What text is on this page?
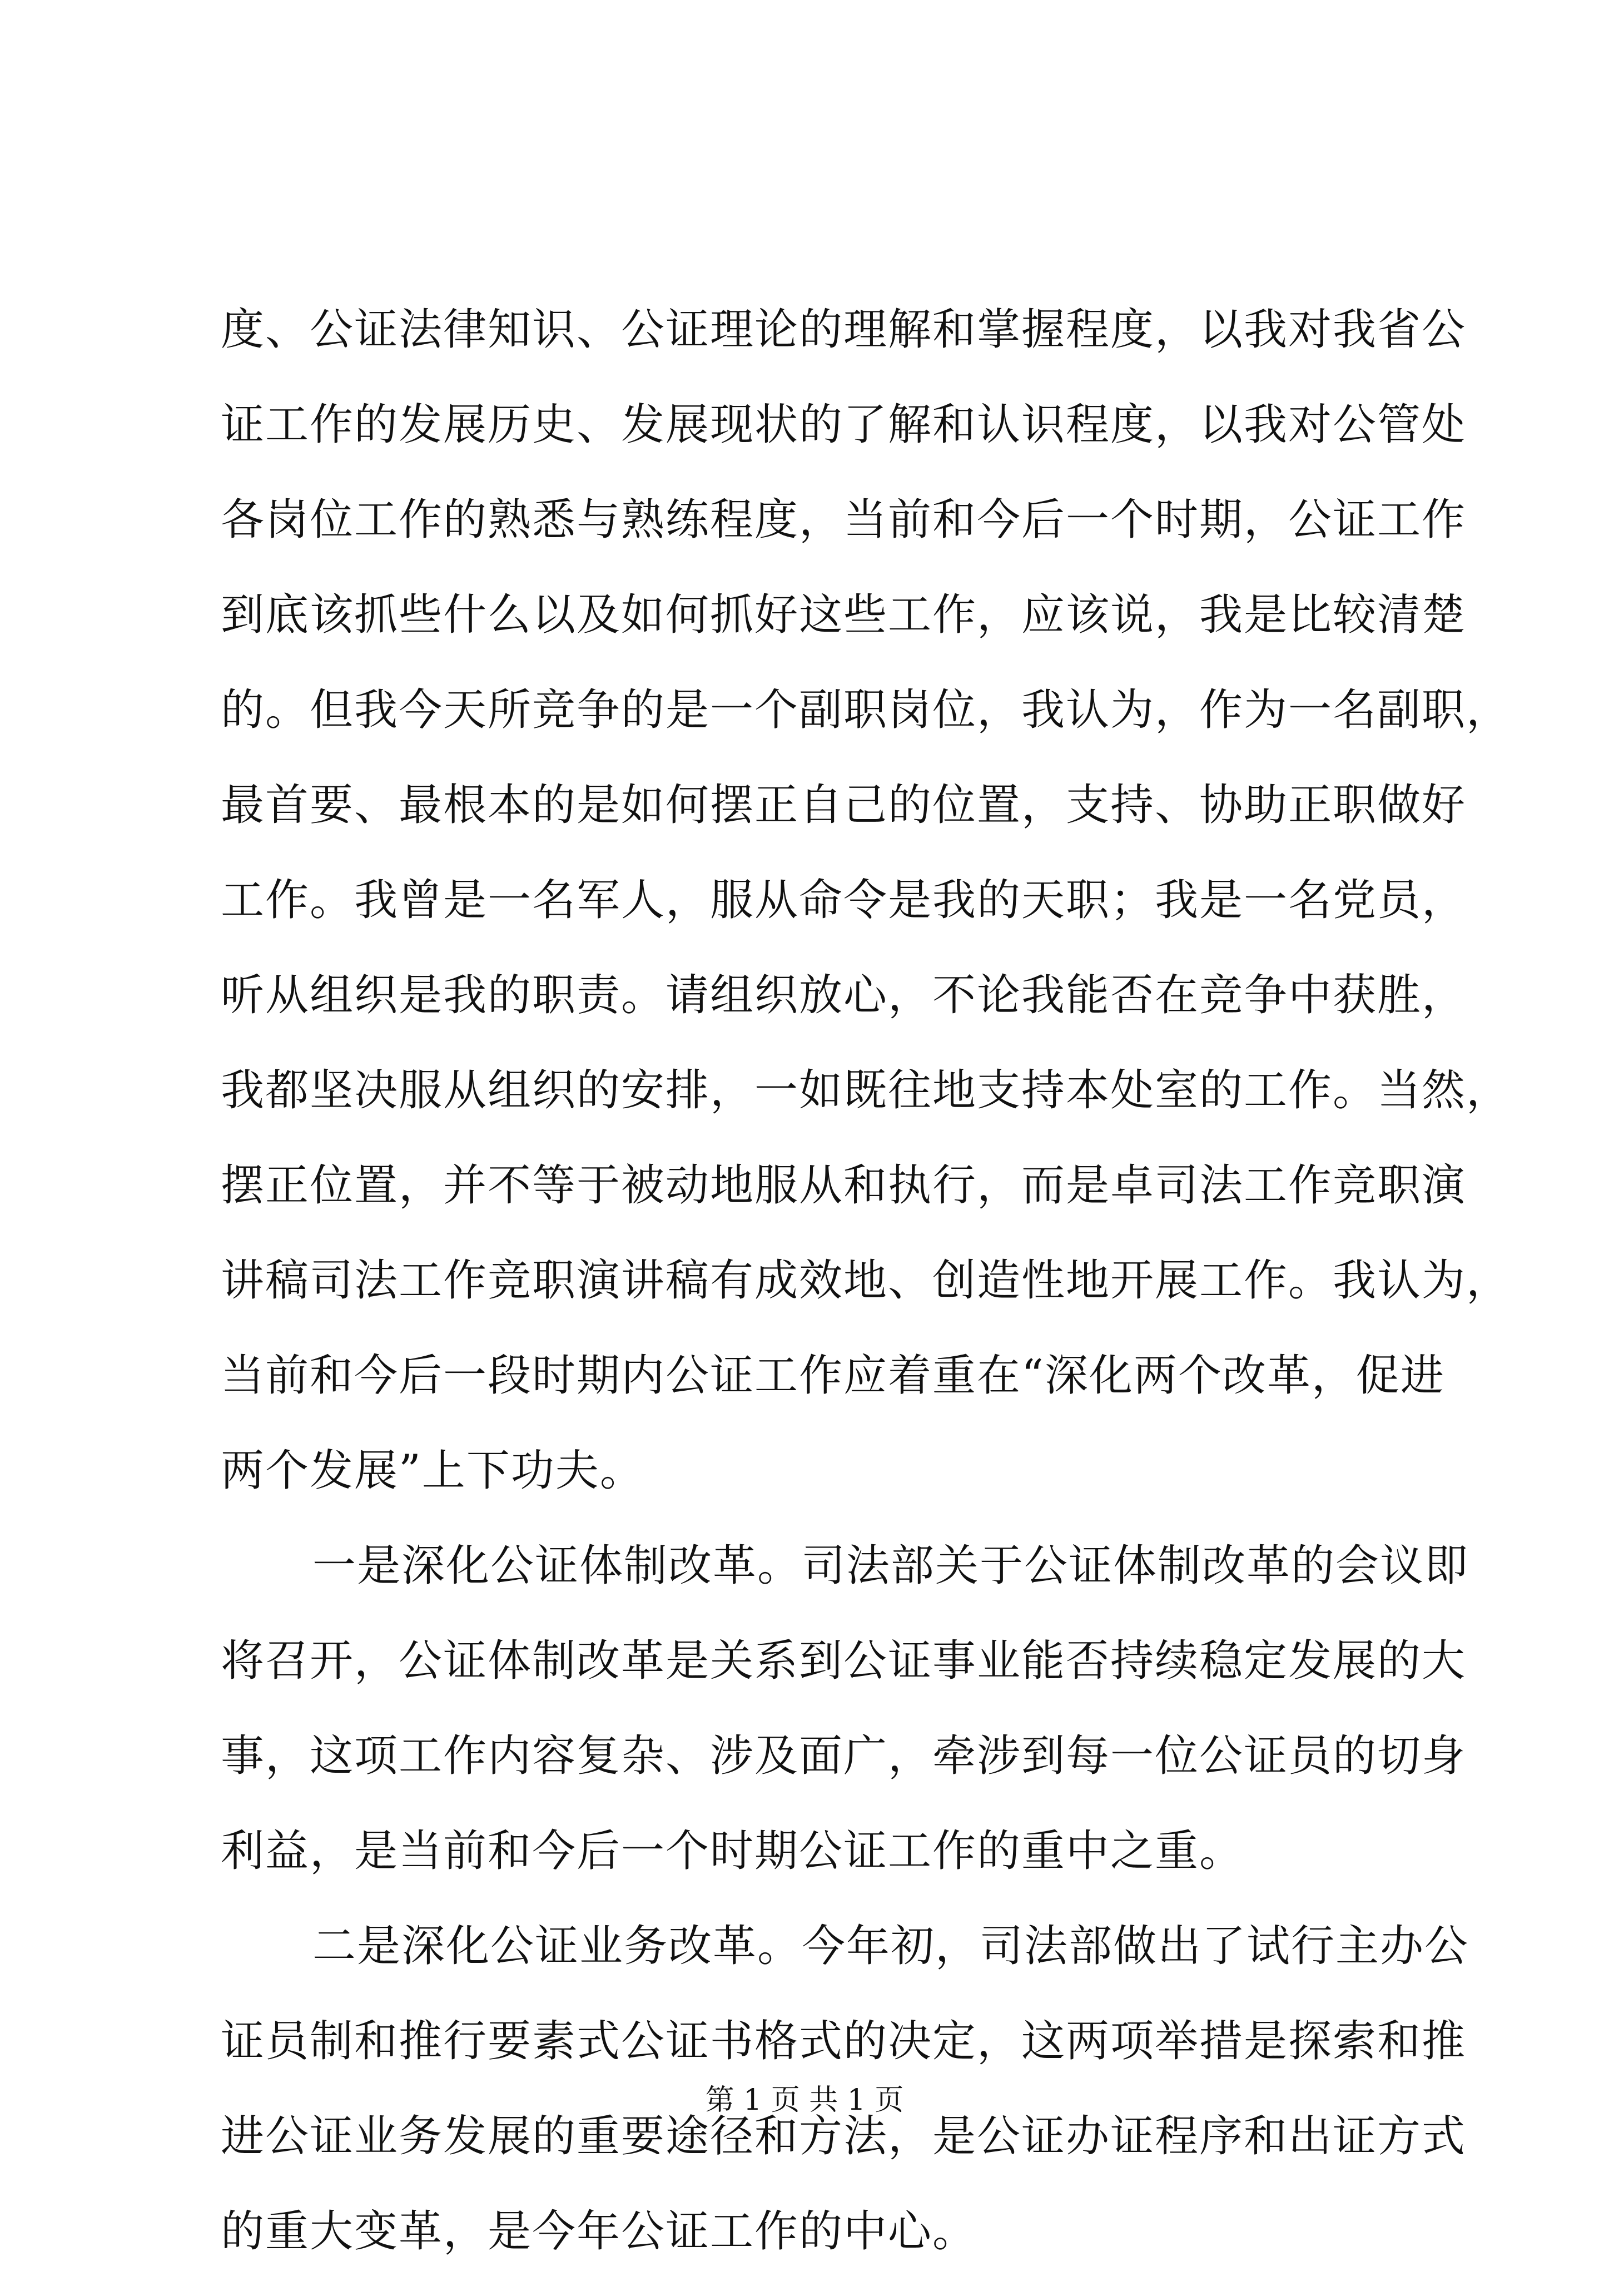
度、公证法律知识、公证理论的理解和掌握程度，以我对我省公
证工作的发展历史、发展现状的了解和认识程度，以我对公管处
各岗位工作的熟悉与熟练程度，当前和今后一个时期，公证工作
到底该抓些什么以及如何抓好这些工作，应该说，我是比较清楚
的。但我今天所竞争的是一个副职岗位，我认为，作为一名副职，
最首要、最根本的是如何摆正自己的位置，支持、协助正职做好
工作。我曾是一名军人，服从命令是我的天职；我是一名党员，
听从组织是我的职责。请组织放心，不论我能否在竞争中获胜，
我都坚决服从组织的安排，一如既往地支持本处室的工作。当然，
摆正位置，并不等于被动地服从和执行，而是卓司法工作竞职演
讲稿司法工作竞职演讲稿有成效地、创造性地开展工作。我认为，
当前和今后一段时期内公证工作应着重在“深化两个改革，促进
两个发展”上下功夫。
一是深化公证体制改革。司法部关于公证体制改革的会议即
将召开，公证体制改革是关系到公证事业能否持续稳定发展的大
事，这项工作内容复杂、涉及面广，牵涉到每一位公证员的切身
利益，是当前和今后一个时期公证工作的重中之重。
二是深化公证业务改革。今年初，司法部做出了试行主办公
证员制和推行要素式公证书格式的决定，这两项举措是探索和推
进公证业务发展的重要途径和方法，是公证办证程序和出证方式
的重大变革，是今年公证工作的中心。
第 1 页 共 1 页
